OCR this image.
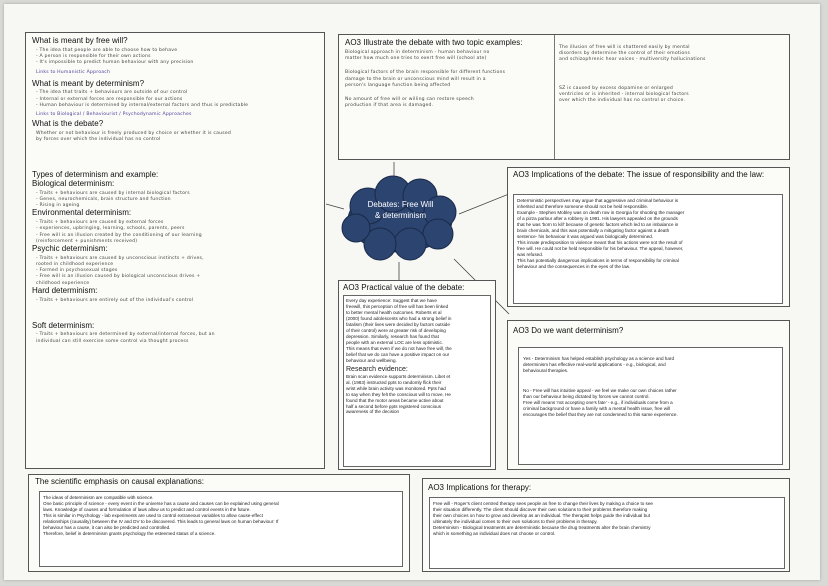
What is meant by free will?
- The idea that people are able to choose how to behave
- A person is responsible for their own actions
- It's impossible to predict human behaviour with any precision
Links to Humanistic Approach
What is meant by determinism?
- The idea that traits + behaviours are outside of our control
- Internal or external forces are responsible for our actions
- Human behaviour is determined by internal/external factors and thus is predictable
Links to Biological / Behaviourist / Psychodynamic Approaches
What is the debate?
Whether or not behaviour is freely produced by choice or whether it is caused
by forces over which the individual has no control
Types of determinism and example:
Biological determinism:
- Traits + behaviours are caused by internal biological factors
- Genes, neurochemicals, brain structure and function
- Rising in ageing
Environmental determinism:
- Traits + behaviours are caused by external forces
- experiences, upbringing, learning, schools, parents, peers
- Free will is an illusion created by the conditioning of our learning
(reinforcement + punishments received)
Psychic determinism:
- Traits + behaviours are caused by unconscious instincts + drives,
rooted in childhood experience
- Formed in psychosexual stages
- Free will is an illusion caused by biological unconscious drives +
childhood experience
Hard determinism:
- Traits + behaviours are entirely out of the individual's control
Soft determinism:
- Traits + behaviours are determined by external/internal forces, but an
individual can still exercise some control via thought process
AO3 Illustrate the debate with two topic examples:
Biological approach in determinism - human behaviour no
matter how much one tries to exert free will (school ate)
Biological factors of the brain responsible for different functions
damage to the brain or unconscious mind will result in a
person's language function being affected
No amount of free will or willing can restore speech
production if that area is damaged.
The illusion of free will is shattered easily by mental
disorders by determine the control of their emotions
and schizophrenic hear voices - multiversity hallucinations
SZ is caused by excess dopamine or enlarged
ventricles or is inherited - internal biological factors
over which the individual has no control or choice.
Debates: Free Will
& determinism
AO3 Implications of the debate: The issue of responsibility and the law:
Deterministic perspectives may argue that aggressive and criminal behaviour is
inherited and therefore someone should not be held responsible.
Example - Stephen Mobley was on death row in Georgia for shooting the manager
of a pizza parlour after a robbery in 1991. His lawyers appealed on the grounds
that he was 'born to kill' because of genetic factors which led to an imbalance in
brain chemicals, and this was potentially a mitigating factor against a death
sentence- his behaviour it was argued was biologically determined.
This innate predisposition to violence meant that his actions were not the result of
free will. He could not be held responsible for his behaviour. The appeal, however,
was refused.
This has potentially dangerous implications in terms of responsibility for criminal
behaviour and the consequences in the eyes of the law.
AO3 Practical value of the debate:
Every day experience: Suggest that we have
freewill, this perception of free will has been linked
to better mental health outcomes. Roberts et al
(2000) found adolescents who had a strong belief in
fatalism (their lives were decided by factors outside
of their control) were at greater risk of developing
depression. Similarly, research has found that
people with an external LOC are less optimistic.
This means that even if we do not have free will, the
belief that we do can have a positive impact on our
behaviour and wellbeing.
Research evidence:
Brain scan evidence supports determinism. Libet et
al. (1983) instructed ppts to randomly flick their
wrist while brain activity was monitored. Ppts had
to say when they felt the conscious will to move. He
found that the motor areas became active about
half a second before ppts registered conscious
awareness of the decision
AO3 Do we want determinism?
Yes - Determinism has helped establish psychology as a science and hard
determinism has effective real-world applications - e.g., biological, and
behavioural therapies.
No - Free will has intuitive appeal - we feel we make our own choices rather
than our behaviour being dictated by forces we cannot control.
Free will means 'not accepting one's fate' - e.g., if individuals come from a
criminal background or have a family with a mental health issue, free will
encourages the belief that they are not condemned to this same experience.
The scientific emphasis on causal explanations:
The ideas of determinism are compatible with science.
One basic principle of science - every event in the universe has a cause and causes can be explained using general
laws. Knowledge of causes and formulation of laws allow us to predict and control events in the future.
This is similar in Psychology - lab experiments are used to control extraneous variables to allow cause-effect
relationships (causality) between the IV and DV to be discovered. This leads to general laws on human behaviour: If
behaviour has a cause, it can also be predicted and controlled.
Therefore, belief in determinism grants psychology the esteemed status of a science.
AO3 Implications for therapy:
Free will - Roger's client centred therapy sees people as free to change their lives by making a choice to see
their situation differently. The client should discover their own solutions to their problems therefore making
their own choices on how to grow and develop as an individual. The therapist helps guide the individual but
ultimately the individual comes to their own solutions to their problems in therapy.
Determinism - Biological treatments are deterministic because the drug treatments alter the brain chemistry
which is something an individual does not choose or control.
